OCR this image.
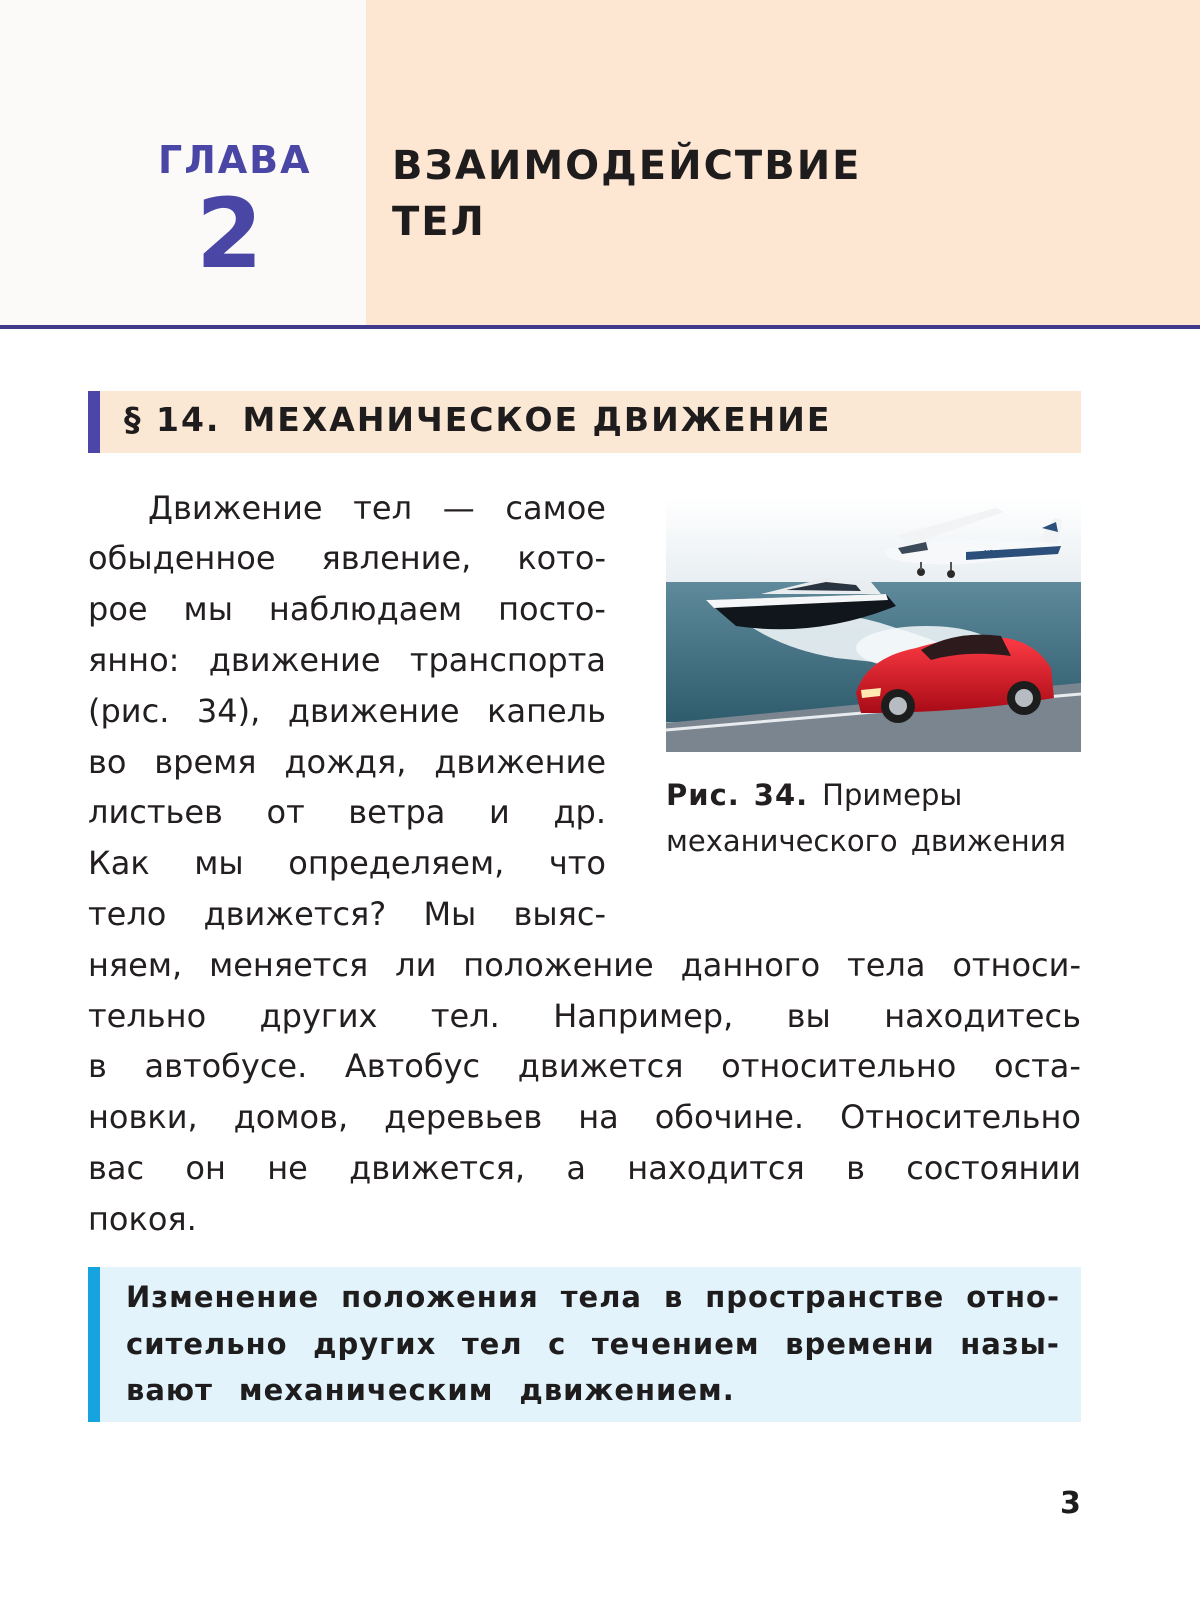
ГЛАВА
2
ВЗАИМОДЕЙСТВИЕ
ТЕЛ
§ 14. МЕХАНИЧЕСКОЕ ДВИЖЕНИЕ
Движение тел — самое
обыденное явление, кото-
рое мы наблюдаем посто-
янно: движение транспорта
(рис. 34), движение капель
во время дождя, движение
листьев от ветра и др.
Как мы определяем, что
тело движется? Мы выяс-
няем, меняется ли положение данного тела относи-
тельно других тел. Например, вы находитесь
в автобусе. Автобус движется относительно оста-
новки, домов, деревьев на обочине. Относительно
вас он не движется, а находится в состоянии
покоя.
N53387
Рис. 34. Примеры
механического движения
Изменение положения тела в пространстве отно-
сительно других тел с течением времени назы-
вают механическим движением.
3
